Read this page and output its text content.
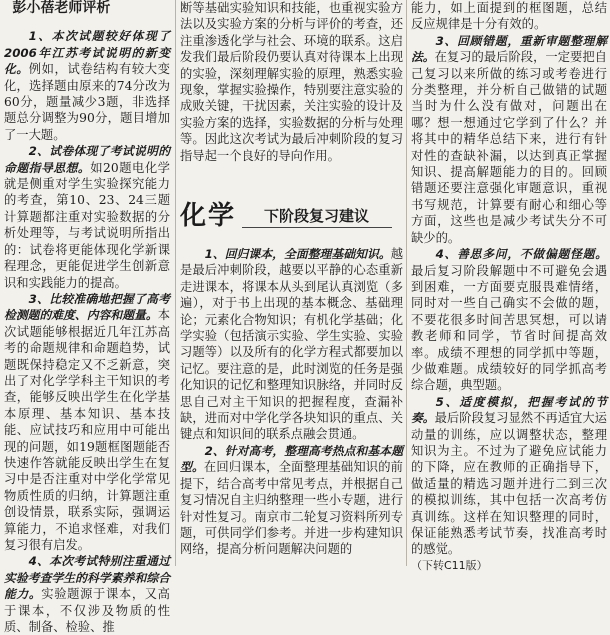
彭小蓓老师评析

1、本次试题较好体现了2006年江苏考试说明的新变化。例如，试卷结构有较大变化，选择题由原来的74分改为60分，题量减少3题，非选择题总分调整为90分，题目增加了一大题。

2、试卷体现了考试说明的命题指导思想。如20题电化学就是侧重对学生实验探究能力的考查，第10、23、24三题计算题都注重对实验数据的分析处理等，与考试说明所指出的：试卷将更能体现化学新课程理念，更能促进学生创新意识和实践能力的提高。

3、比较准确地把握了高考检测题的难度、内容和题量。本次试题能够根据近几年江苏高考的命题规律和命题趋势，试题既保持稳定又不乏新意，突出了对化学学科主干知识的考查，能够反映出学生在化学基本原理、基本知识、基本技能、应试技巧和应用中可能出现的问题，如19题框图题能否快速作答就能反映出学生在复习中是否注重对中学化学常见物质性质的归纳，计算题注重创设情景，联系实际，强调运算能力，不追求怪难，对我们复习很有启发。

4、本次考试特别注重通过实验考查学生的科学素养和综合能力。实验题源于课本，又高于课本，不仅涉及物质的性质、制备、检验、推

断等基础实验知识和技能，也重视实验方法以及实验方案的分析与评价的考查，还注重渗透化学与社会、环境的联系。这启发我们最后阶段仍要认真对待课本上出现的实验，深刻理解实验的原理，熟悉实验现象，掌握实验操作，特别要注意实验的成败关键，干扰因素，关注实验的设计及实验方案的选择，实验数据的分析与处理等。因此这次考试为最后冲刺阶段的复习指导起一个良好的导向作用。

化学 下阶段复习建议

1、回归课本，全面整理基础知识。越是最后冲刺阶段，越要以平静的心态重新走进课本，将课本从头到尾认真浏览（多遍），对于书上出现的基本概念、基础理论；元素化合物知识；有机化学基础；化学实验（包括演示实验、学生实验、实验习题等）以及所有的化学方程式都要加以记忆。要注意的是，此时浏览的任务是强化知识的记忆和整理知识脉络，并同时反思自己对主干知识的把握程度，查漏补缺，进而对中学化学各块知识的重点、关键点和知识间的联系点融会贯通。

2、针对高考，整理高考热点和基本题型。在回归课本，全面整理基础知识的前提下，结合高考中常见考点，并根据自己复习情况自主归纳整理一些小专题，进行针对性复习。南京市二轮复习资料所列专题，可供同学们参考。并进一步构建知识网络，提高分析问题解决问题的

能力，如上面提到的框图题，总结反应规律是十分有效的。

3、回顾错题，重新审题整理解法。在复习的最后阶段，一定要把自己复习以来所做的练习或考卷进行分类整理，并分析自己做错的试题当时为什么没有做对，问题出在哪？想一想通过它学到了什么？并将其中的精华总结下来，进行有针对性的查缺补漏，以达到真正掌握知识、提高解题能力的目的。回顾错题还要注意强化审题意识，重视书写规范，计算要有耐心和细心等方面，这些也是减少考试失分不可缺少的。

4、善思多问，不做偏题怪题。最后复习阶段解题中不可避免会遇到困难，一方面要克服畏难情绪，同时对一些自己确实不会做的题，不要花很多时间苦思冥想，可以请教老师和同学，节省时间提高效率。成绩不理想的同学抓中等题，少做难题。成绩较好的同学抓高考综合题，典型题。

5、适度模拟，把握考试的节奏。最后阶段复习显然不再适宜大运动量的训练，应以调整状态，整理知识为主。不过为了避免应试能力的下降，应在教师的正确指导下，做适量的精选习题并进行二到三次的模拟训练，其中包括一次高考仿真训练。这样在知识整理的同时，保证能熟悉考试节奏，找准高考时的感觉。

（下转C11版）
